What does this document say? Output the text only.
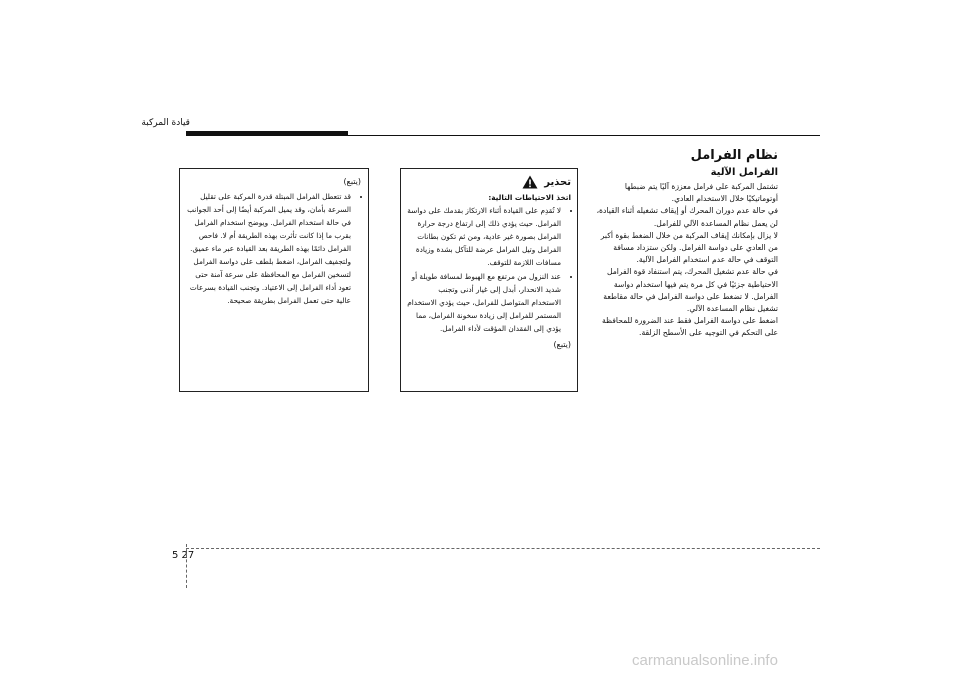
قيادة المركبة
نظام الفرامل
الفرامل الآلية

تشتمل المركبة على فرامل معززة آليًا يتم ضبطها أوتوماتيكيًا خلال الاستخدام العادي.

في حالة عدم دوران المحرك أو إيقاف تشغيله أثناء القيادة، لن يعمل نظام المساعدة الآلي للفرامل.

لا يزال بإمكانك إيقاف المركبة من خلال الضغط بقوة أكبر من العادي على دواسة الفرامل. ولكن ستزداد مسافة التوقف في حالة عدم استخدام الفرامل الآلية.

في حالة عدم تشغيل المحرك، يتم استنفاد قوة الفرامل الاحتياطية جزئيًا في كل مرة يتم فيها استخدام دواسة الفرامل. لا تضغط على دواسة الفرامل في حالة مقاطعة تشغيل نظام المساعدة الآلي.

اضغط على دواسة الفرامل فقط عند الضرورة للمحافظة على التحكم في التوجيه على الأسطح الزلقة.

تحذير
اتخذ الاحتياطات التالية:
• لا تُقدِم على القيادة أثناء الارتكاز بقدمك على دواسة الفرامل. حيث يؤدي ذلك إلى ارتفاع درجة حرارة الفرامل بصورة غير عادية، ومن ثم تكون بطانات الفرامل وتيل الفرامل عرضة للتآكل بشدة وزيادة مسافات اللازمة للتوقف.
• عند النزول من مرتفع مع الهبوط لمسافة طويلة أو شديد الانحدار، أبدل إلى غيار أدنى وتجنب الاستخدام المتواصل للفرامل، حيث يؤدي الاستخدام المستمر للفرامل إلى زيادة سخونة الفرامل، مما يؤدي إلى الفقدان المؤقت لأداء الفرامل.
(يتبع)
(يتبع)
• قد تتعطل الفرامل المبتلة قدرة المركبة على تقليل السرعة بأمان، وقد يميل المركبة أيضًا إلى أحد الجوانب في حالة استخدام الفرامل. ويوضح استخدام الفرامل بقرب ما إذا كانت تأثرت بهذه الطريقة أم لا. فاحص الفرامل دائمًا بهذه الطريقة بعد القيادة عبر ماء عميق. ولتجفيف الفرامل، اضغط بلطف على دواسة الفرامل لتسخين الفرامل مع المحافظة على سرعة آمنة حتى تعود أداء الفرامل إلى الاعتياد. وتجنب القيادة بسرعات عالية حتى تعمل الفرامل بطريقة صحيحة.
5 27
carmanualsonline.info
